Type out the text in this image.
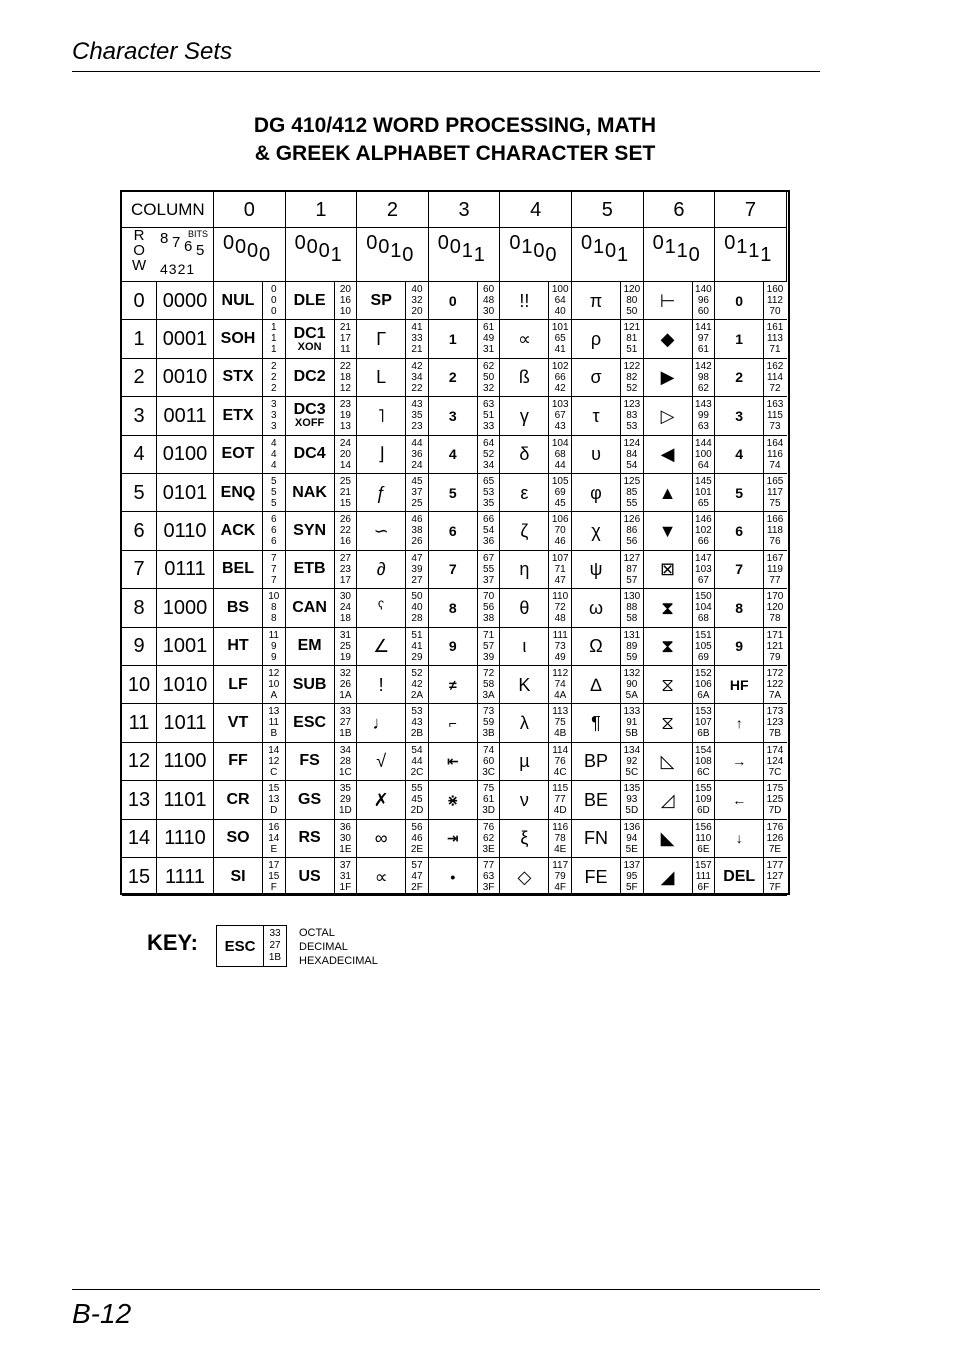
Character Sets
DG 410/412 WORD PROCESSING, MATH
& GREEK ALPHABET CHARACTER SET
COLUMN
R
O
W
8 7 6 5
BITS
4321
0
0 0 0 0
1
0 0 0 1
2
0 0 1 0
3
0 0 1 1
4
0 1 0 0
5
0 1 0 1
6
0 1 1 0
7
0 1 1 1
0 0000 NUL
0
0
0
DLE
20
16
10
SP
40
32
20
0
60
48
30
!!
100
64
40
π
120
80
50
⊢
140
96
60
0
160
112
70
1 0001 SOH
1
1
1
DC1
XON
21
17
11
Γ
41
33
21
1
61
49
31
∝
101
65
41
ρ
121
81
51
◆
141
97
61
1
161
113
71
2 0010 STX
2
2
2
DC2
22
18
12
L
42
34
22
2
62
50
32
ß
102
66
42
σ
122
82
52
▶
142
98
62
2
162
114
72
3 0011 ETX
3
3
3
DC3
XOFF
23
19
13
˥
43
35
23
3
63
51
33
γ
103
67
43
τ
123
83
53
▷
143
99
63
3
163
115
73
4 0100 EOT
4
4
4
DC4
24
20
14
⌋
44
36
24
4
64
52
34
δ
104
68
44
υ
124
84
54
◀
144
100
64
4
164
116
74
5 0101 ENQ
5
5
5
NAK
25
21
15
ƒ
45
37
25
5
65
53
35
ε
105
69
45
φ
125
85
55
▲
145
101
65
5
165
117
75
6 0110 ACK
6
6
6
SYN
26
22
16
∽
46
38
26
6
66
54
36
ζ
106
70
46
χ
126
86
56
▼
146
102
66
6
166
118
76
7 0111	BEL
7
7
7
ETB
27
23
17
∂
47
39
27
7
67
55
37
η
107
71
47
ψ
127
87
57
⊠
147
103
67
7
167
119
77
8 1000	BS
10
8
8
CAN
30
24
18
ˁ
50
40
28
8
70
56
38
θ
110
72
48
ω
130
88
58
⧗
150
104
68
8
170
120
78
9 1001	HT
11
9
9
EM
31
25
19
∠
51
41
29
9
71
57
39
ι
111
73
49
Ω
131
89
59
⧗
151
105
69
9
171
121
79
10 1010	LF
12
10
A
SUB
32
26
1A
!
52
42
2A
≠
72
58
3A
K
112
74
4A
∆
132
90
5A
⧖
152
106
6A
HF
172
122
7A
11 1011	VT
13
11
B
ESC
33
27
1B
♩
53
43
2B
⌐
73
59
3B
λ
113
75
4B
¶
133
91
5B
⧖
153
107
6B
↑
173
123
7B
12 1100	FF
14
12
C
FS
34
28
1C
√
54
44
2C
⇤
74
60
3C
µ
114
76
4C
BP
134
92
5C
◺
154
108
6C
→
174
124
7C
13 1101	CR
15
13
D
GS
35
29
1D
✗
55
45
2D
⋇
75
61
3D
ν
115
77
4D
BE
135
93
5D
◿
155
109
6D
←
175
125
7D
14 1110	SO
16
14
E
RS
36
30
1E
∞
56
46
2E
⇥
76
62
3E
ξ
116
78
4E
FN
136
94
5E
◣
156
110
6E
↓
176
126
7E
15 1111	SI
17
15
F
US
37
31
1F
∝
57
47
2F
•
77
63
3F
◇
117
79
4F
FE
137
95
5F
◢
157
111
6F
DEL
177
127
7F
KEY:	ESC
33
27
1B
OCTAL
DECIMAL
HEXADECIMAL
B-12
